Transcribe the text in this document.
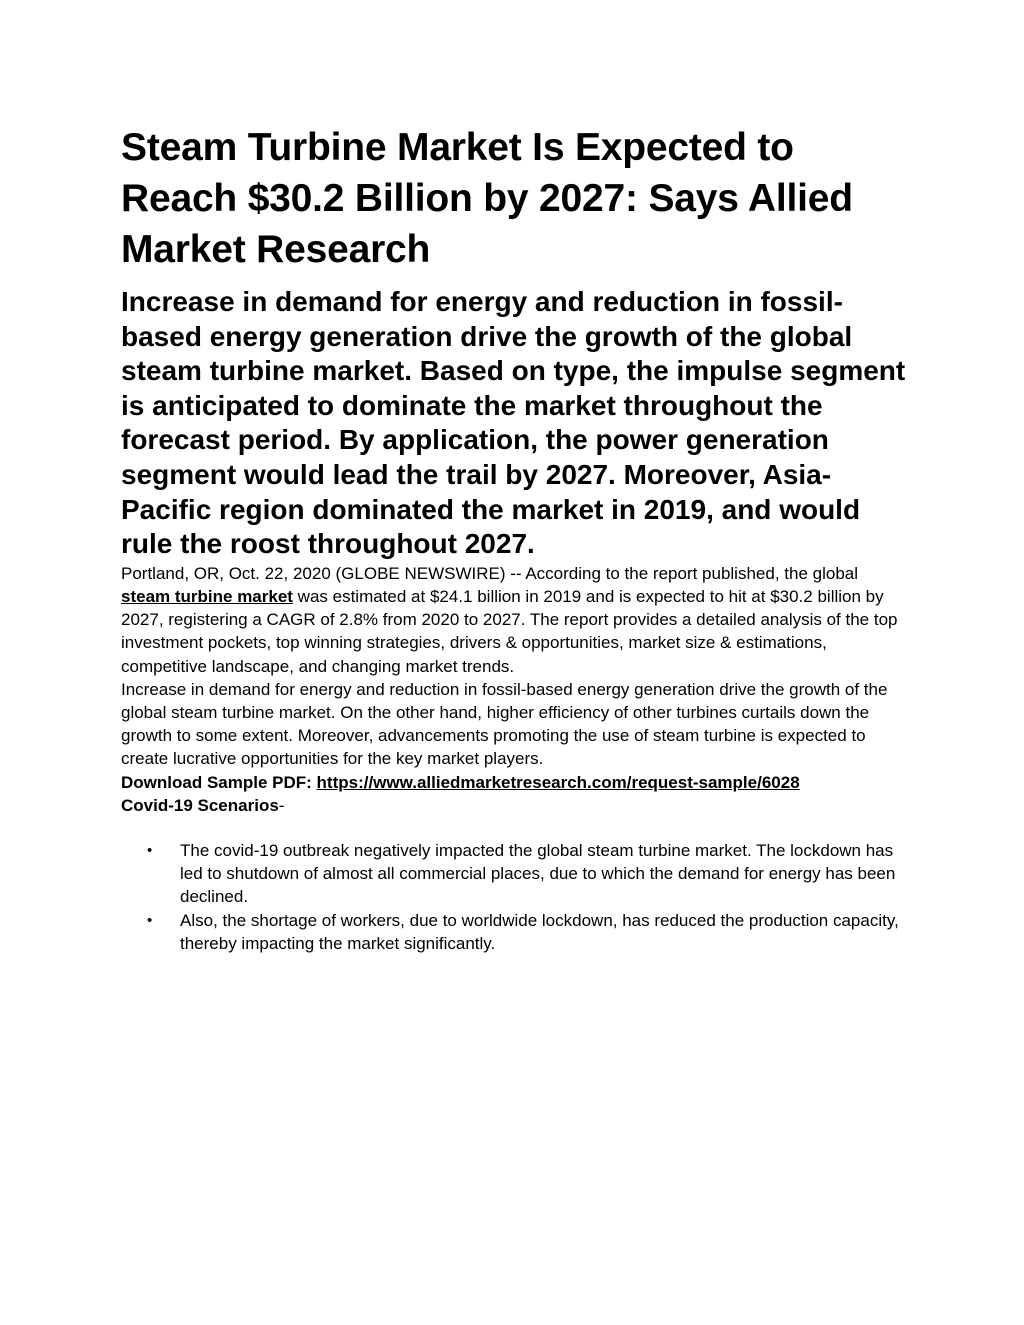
Steam Turbine Market Is Expected to Reach $30.2 Billion by 2027: Says Allied Market Research
Increase in demand for energy and reduction in fossil-based energy generation drive the growth of the global steam turbine market. Based on type, the impulse segment is anticipated to dominate the market throughout the forecast period. By application, the power generation segment would lead the trail by 2027. Moreover, Asia-Pacific region dominated the market in 2019, and would rule the roost throughout 2027.

Portland, OR, Oct. 22, 2020 (GLOBE NEWSWIRE) -- According to the report published, the global steam turbine market was estimated at $24.1 billion in 2019 and is expected to hit at $30.2 billion by 2027, registering a CAGR of 2.8% from 2020 to 2027. The report provides a detailed analysis of the top investment pockets, top winning strategies, drivers & opportunities, market size & estimations, competitive landscape, and changing market trends.

Increase in demand for energy and reduction in fossil-based energy generation drive the growth of the global steam turbine market. On the other hand, higher efficiency of other turbines curtails down the growth to some extent. Moreover, advancements promoting the use of steam turbine is expected to create lucrative opportunities for the key market players.

Download Sample PDF: https://www.alliedmarketresearch.com/request-sample/6028

Covid-19 Scenarios-

• The covid-19 outbreak negatively impacted the global steam turbine market. The lockdown has led to shutdown of almost all commercial places, due to which the demand for energy has been declined.
• Also, the shortage of workers, due to worldwide lockdown, has reduced the production capacity, thereby impacting the market significantly.
